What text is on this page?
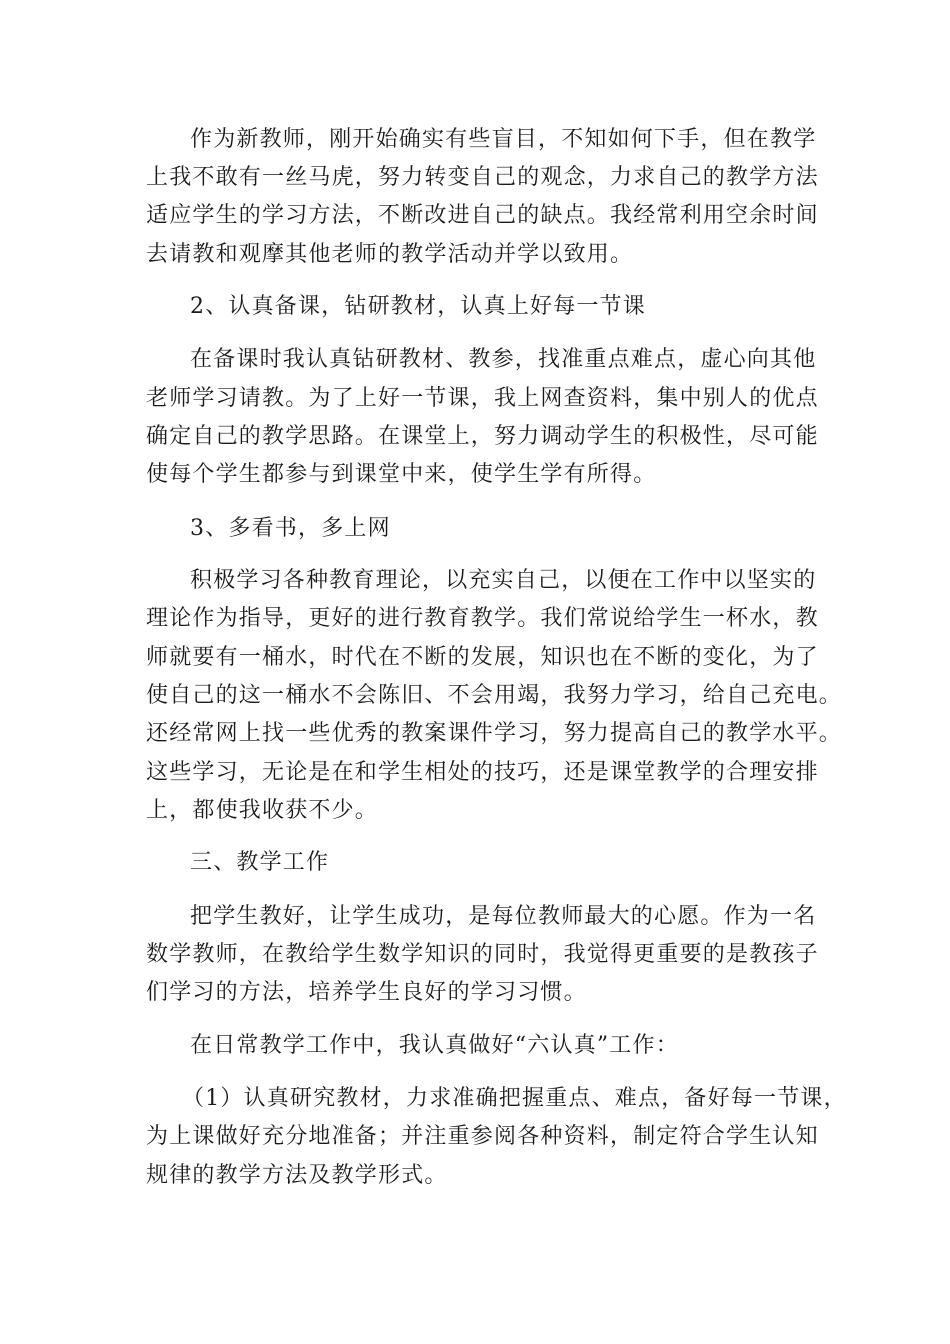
作为新教师，刚开始确实有些盲目，不知如何下手，但在教学
上我不敢有一丝马虎，努力转变自己的观念，力求自己的教学方法
适应学生的学习方法，不断改进自己的缺点。我经常利用空余时间
去请教和观摩其他老师的教学活动并学以致用。
2、认真备课，钻研教材，认真上好每一节课
在备课时我认真钻研教材、教参，找准重点难点，虚心向其他
老师学习请教。为了上好一节课，我上网查资料，集中别人的优点
确定自己的教学思路。在课堂上，努力调动学生的积极性，尽可能
使每个学生都参与到课堂中来，使学生学有所得。
3、多看书，多上网
积极学习各种教育理论，以充实自己，以便在工作中以坚实的
理论作为指导，更好的进行教育教学。我们常说给学生一杯水，教
师就要有一桶水，时代在不断的发展，知识也在不断的变化，为了
使自己的这一桶水不会陈旧、不会用竭，我努力学习，给自己充电。
还经常网上找一些优秀的教案课件学习，努力提高自己的教学水平。
这些学习，无论是在和学生相处的技巧，还是课堂教学的合理安排
上，都使我收获不少。
三、教学工作
把学生教好，让学生成功，是每位教师最大的心愿。作为一名
数学教师，在教给学生数学知识的同时，我觉得更重要的是教孩子
们学习的方法，培养学生良好的学习习惯。
在日常教学工作中，我认真做好“六认真”工作：
（1）认真研究教材，力求准确把握重点、难点，备好每一节课，
为上课做好充分地准备；并注重参阅各种资料，制定符合学生认知
规律的教学方法及教学形式。
